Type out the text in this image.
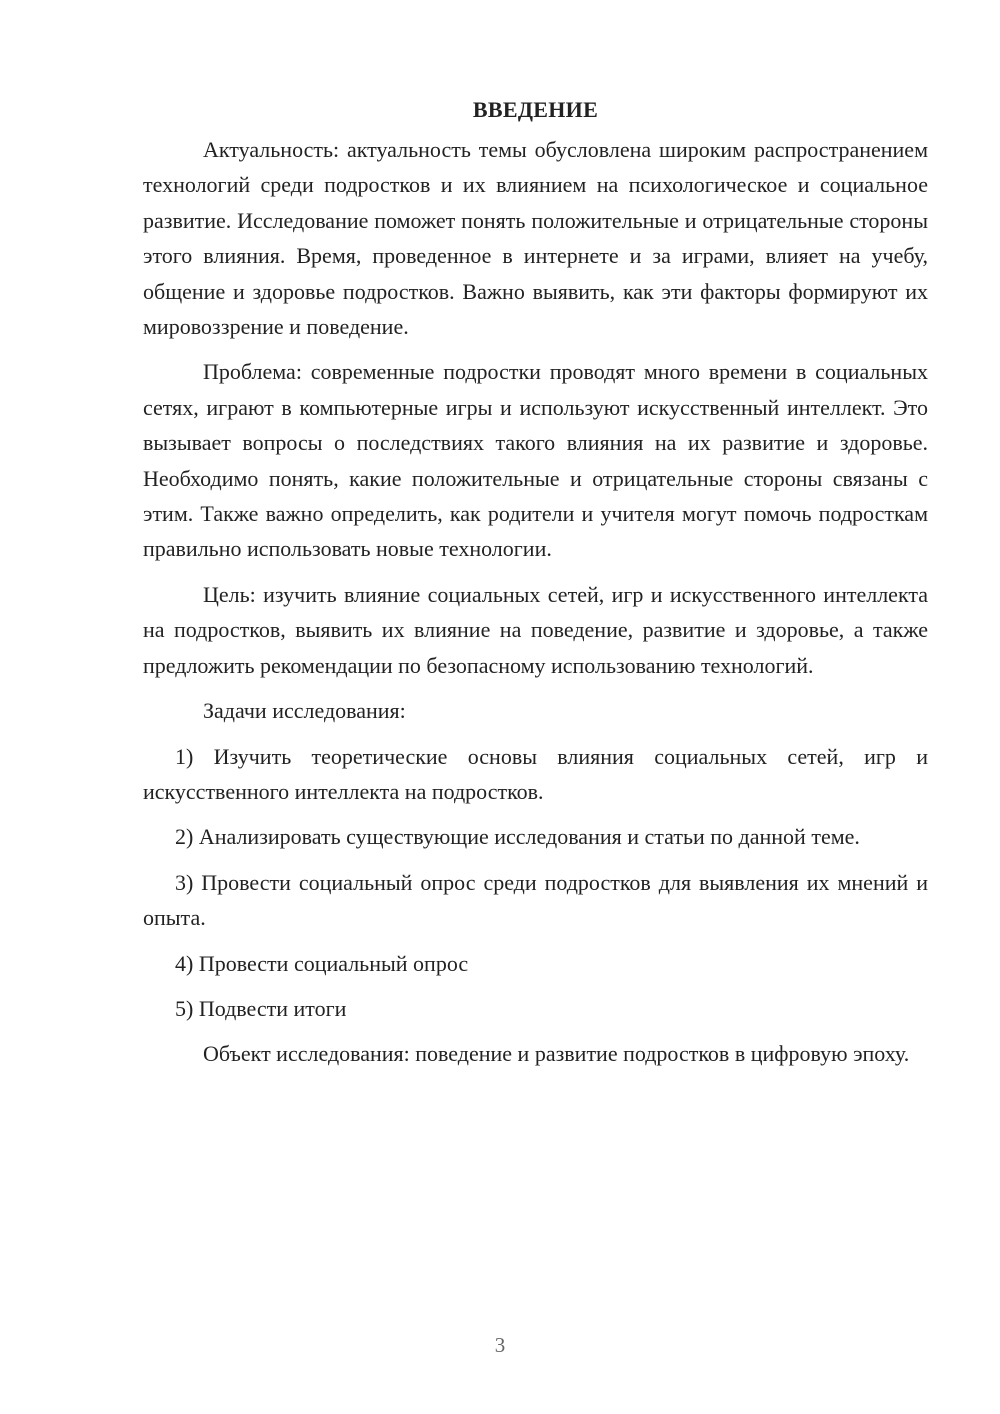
ВВЕДЕНИЕ

Актуальность: актуальность темы обусловлена широким распространением технологий среди подростков и их влиянием на психологическое и социальное развитие. Исследование поможет понять положительные и отрицательные стороны этого влияния. Время, проведенное в интернете и за играми, влияет на учебу, общение и здоровье подростков. Важно выявить, как эти факторы формируют их мировоззрение и поведение.

Проблема: современные подростки проводят много времени в социальных сетях, играют в компьютерные игры и используют искусственный интеллект. Это вызывает вопросы о последствиях такого влияния на их развитие и здоровье. Необходимо понять, какие положительные и отрицательные стороны связаны с этим. Также важно определить, как родители и учителя могут помочь подросткам правильно использовать новые технологии.

Цель: изучить влияние социальных сетей, игр и искусственного интеллекта на подростков, выявить их влияние на поведение, развитие и здоровье, а также предложить рекомендации по безопасному использованию технологий.

Задачи исследования:

1) Изучить теоретические основы влияния социальных сетей, игр и искусственного интеллекта на подростков.

2) Анализировать существующие исследования и статьи по данной теме.

3) Провести социальный опрос среди подростков для выявления их мнений и опыта.

4) Провести социальный опрос

5) Подвести итоги

Объект исследования: поведение и развитие подростков в цифровую эпоху.

3
